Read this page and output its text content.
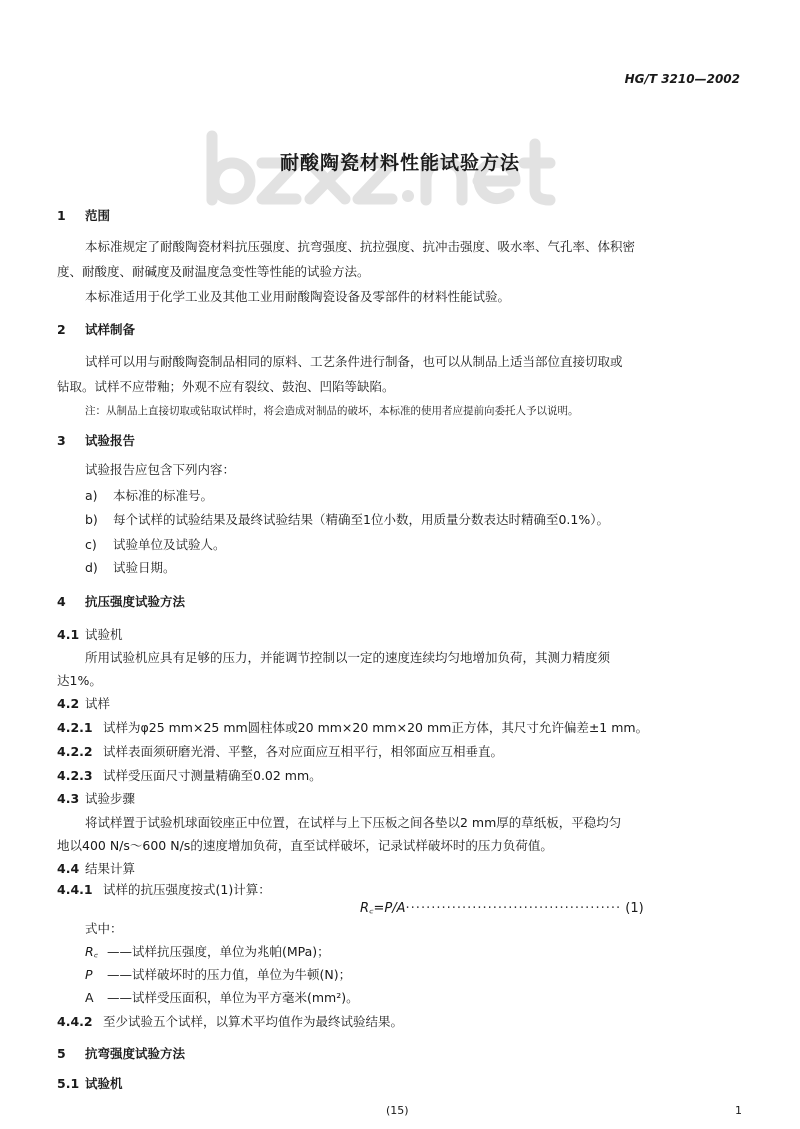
HG/T 3210—2002
耐酸陶瓷材料性能试验方法
1 范围
本标准规定了耐酸陶瓷材料抗压强度、抗弯强度、抗拉强度、抗冲击强度、吸水率、气孔率、体积密
度、耐酸度、耐碱度及耐温度急变性等性能的试验方法。
本标准适用于化学工业及其他工业用耐酸陶瓷设备及零部件的材料性能试验。
2 试样制备
试样可以用与耐酸陶瓷制品相同的原料、工艺条件进行制备，也可以从制品上适当部位直接切取或
钻取。试样不应带釉；外观不应有裂纹、鼓泡、凹陷等缺陷。
注：从制品上直接切取或钻取试样时，将会造成对制品的破坏，本标准的使用者应提前向委托人予以说明。
3 试验报告
试验报告应包含下列内容：
a) 本标准的标准号。
b) 每个试样的试验结果及最终试验结果（精确至1位小数，用质量分数表达时精确至0.1%）。
c) 试验单位及试验人。
d) 试验日期。
4 抗压强度试验方法
4.1 试验机
所用试验机应具有足够的压力，并能调节控制以一定的速度连续均匀地增加负荷，其测力精度须
达1%。
4.2 试样
4.2.1 试样为φ25 mm×25 mm圆柱体或20 mm×20 mm×20 mm正方体，其尺寸允许偏差±1 mm。
4.2.2 试样表面须研磨光滑、平整，各对应面应互相平行，相邻面应互相垂直。
4.2.3 试样受压面尺寸测量精确至0.02 mm。
4.3 试验步骤
将试样置于试验机球面铰座正中位置，在试样与上下压板之间各垫以2 mm厚的草纸板，平稳均匀
地以400 N/s～600 N/s的速度增加负荷，直至试样破坏，记录试样破坏时的压力负荷值。
4.4 结果计算
4.4.1 试样的抗压强度按式(1)计算：
R꜀=P/A·········································· (1)
式中：
R꜀ ——试样抗压强度，单位为兆帕(MPa)；
P ——试样破坏时的压力值，单位为牛顿(N)；
A ——试样受压面积，单位为平方毫米(mm²)。
4.4.2 至少试验五个试样，以算术平均值作为最终试验结果。
5 抗弯强度试验方法
5.1 试验机
(15)	1
